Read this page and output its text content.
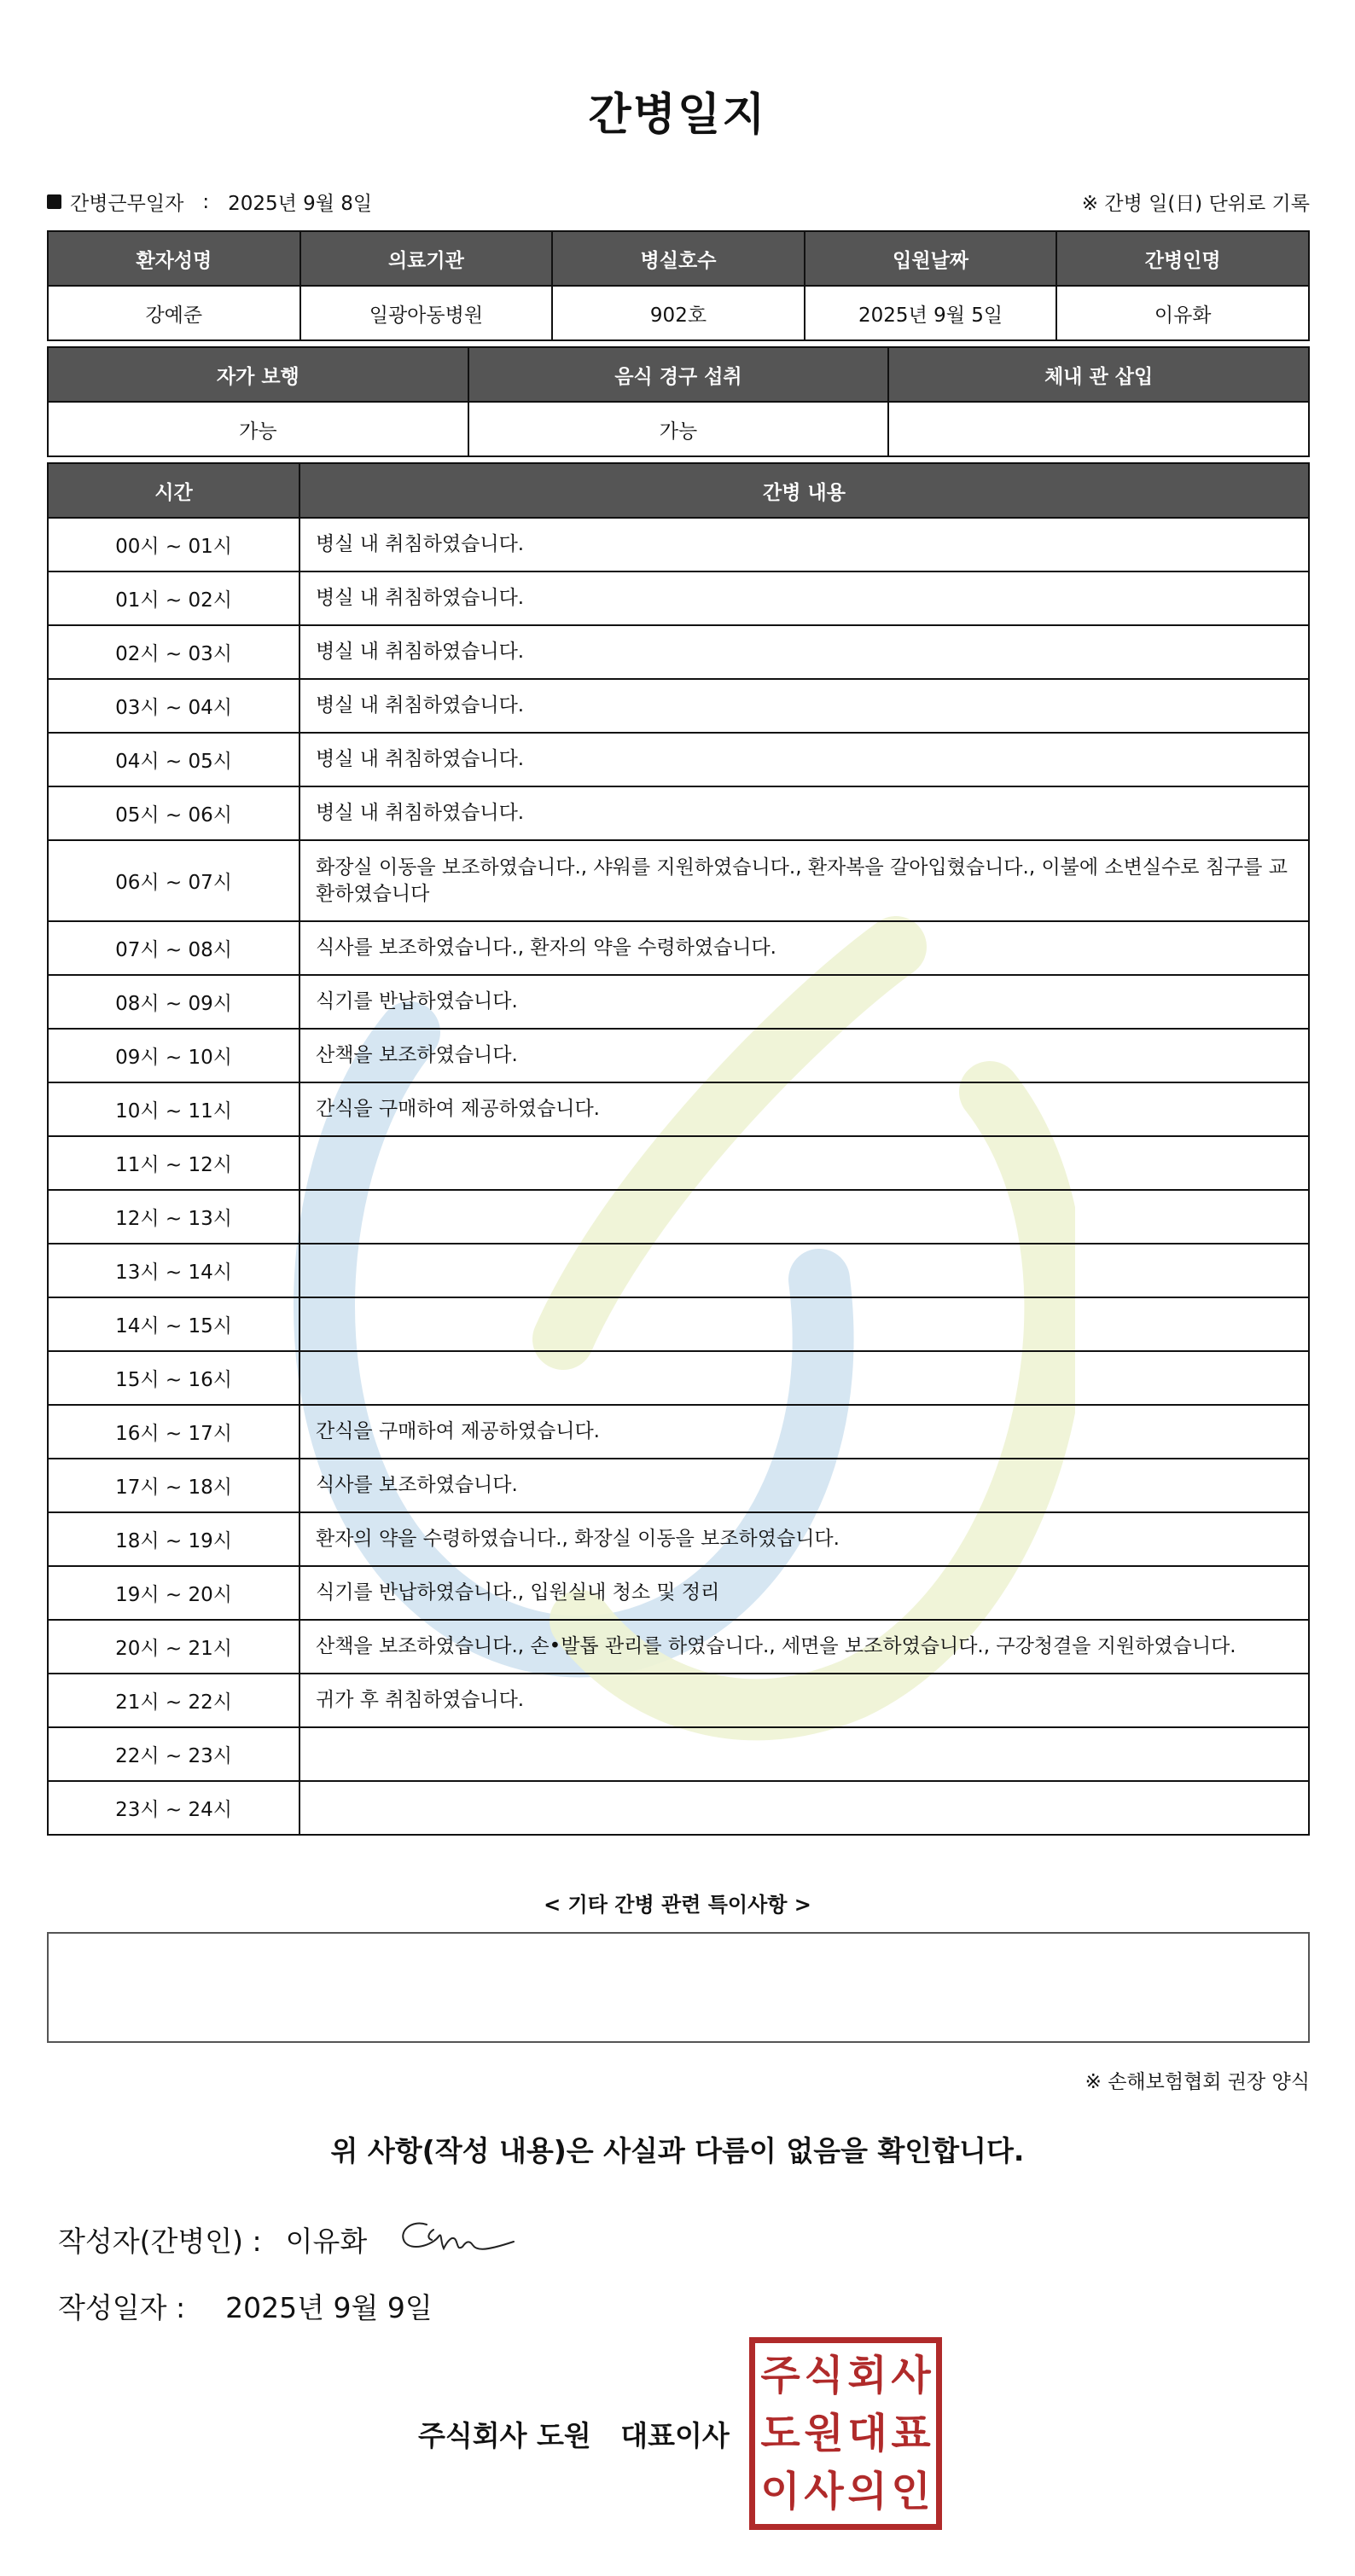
간병일지
간병근무일자 : 2025년 9월 8일	※ 간병 일(日) 단위로 기록
환자성명	의료기관	병실호수	입원날짜	간병인명
강예준	일광아동병원	902호	2025년 9월 5일	이유화
자가 보행	음식 경구 섭취	체내 관 삽입
가능	가능	
시간	간병 내용
00시 ~ 01시	병실 내 취침하였습니다.
01시 ~ 02시	병실 내 취침하였습니다.
02시 ~ 03시	병실 내 취침하였습니다.
03시 ~ 04시	병실 내 취침하였습니다.
04시 ~ 05시	병실 내 취침하였습니다.
05시 ~ 06시	병실 내 취침하였습니다.
06시 ~ 07시	화장실 이동을 보조하였습니다., 샤워를 지원하였습니다., 환자복을 갈아입혔습니다., 이불에 소변실수로 침구를 교환하였습니다
07시 ~ 08시	식사를 보조하였습니다., 환자의 약을 수령하였습니다.
08시 ~ 09시	식기를 반납하였습니다.
09시 ~ 10시	산책을 보조하였습니다.
10시 ~ 11시	간식을 구매하여 제공하였습니다.
11시 ~ 12시	
12시 ~ 13시	
13시 ~ 14시	
14시 ~ 15시	
15시 ~ 16시	
16시 ~ 17시	간식을 구매하여 제공하였습니다.
17시 ~ 18시	식사를 보조하였습니다.
18시 ~ 19시	환자의 약을 수령하였습니다., 화장실 이동을 보조하였습니다.
19시 ~ 20시	식기를 반납하였습니다., 입원실내 청소 및 정리
20시 ~ 21시	산책을 보조하였습니다., 손•발톱 관리를 하였습니다., 세면을 보조하였습니다., 구강청결을 지원하였습니다.
21시 ~ 22시	귀가 후 취침하였습니다.
22시 ~ 23시	
23시 ~ 24시	
< 기타 간병 관련 특이사항 >
※ 손해보험협회 권장 양식
위 사항(작성 내용)은 사실과 다름이 없음을 확인합니다.
작성자(간병인) : 이유화
작성일자 : 2025년 9월 9일
주식회사 도원 대표이사
주 식 회 사
도 원 대 표
이 사 의 인
